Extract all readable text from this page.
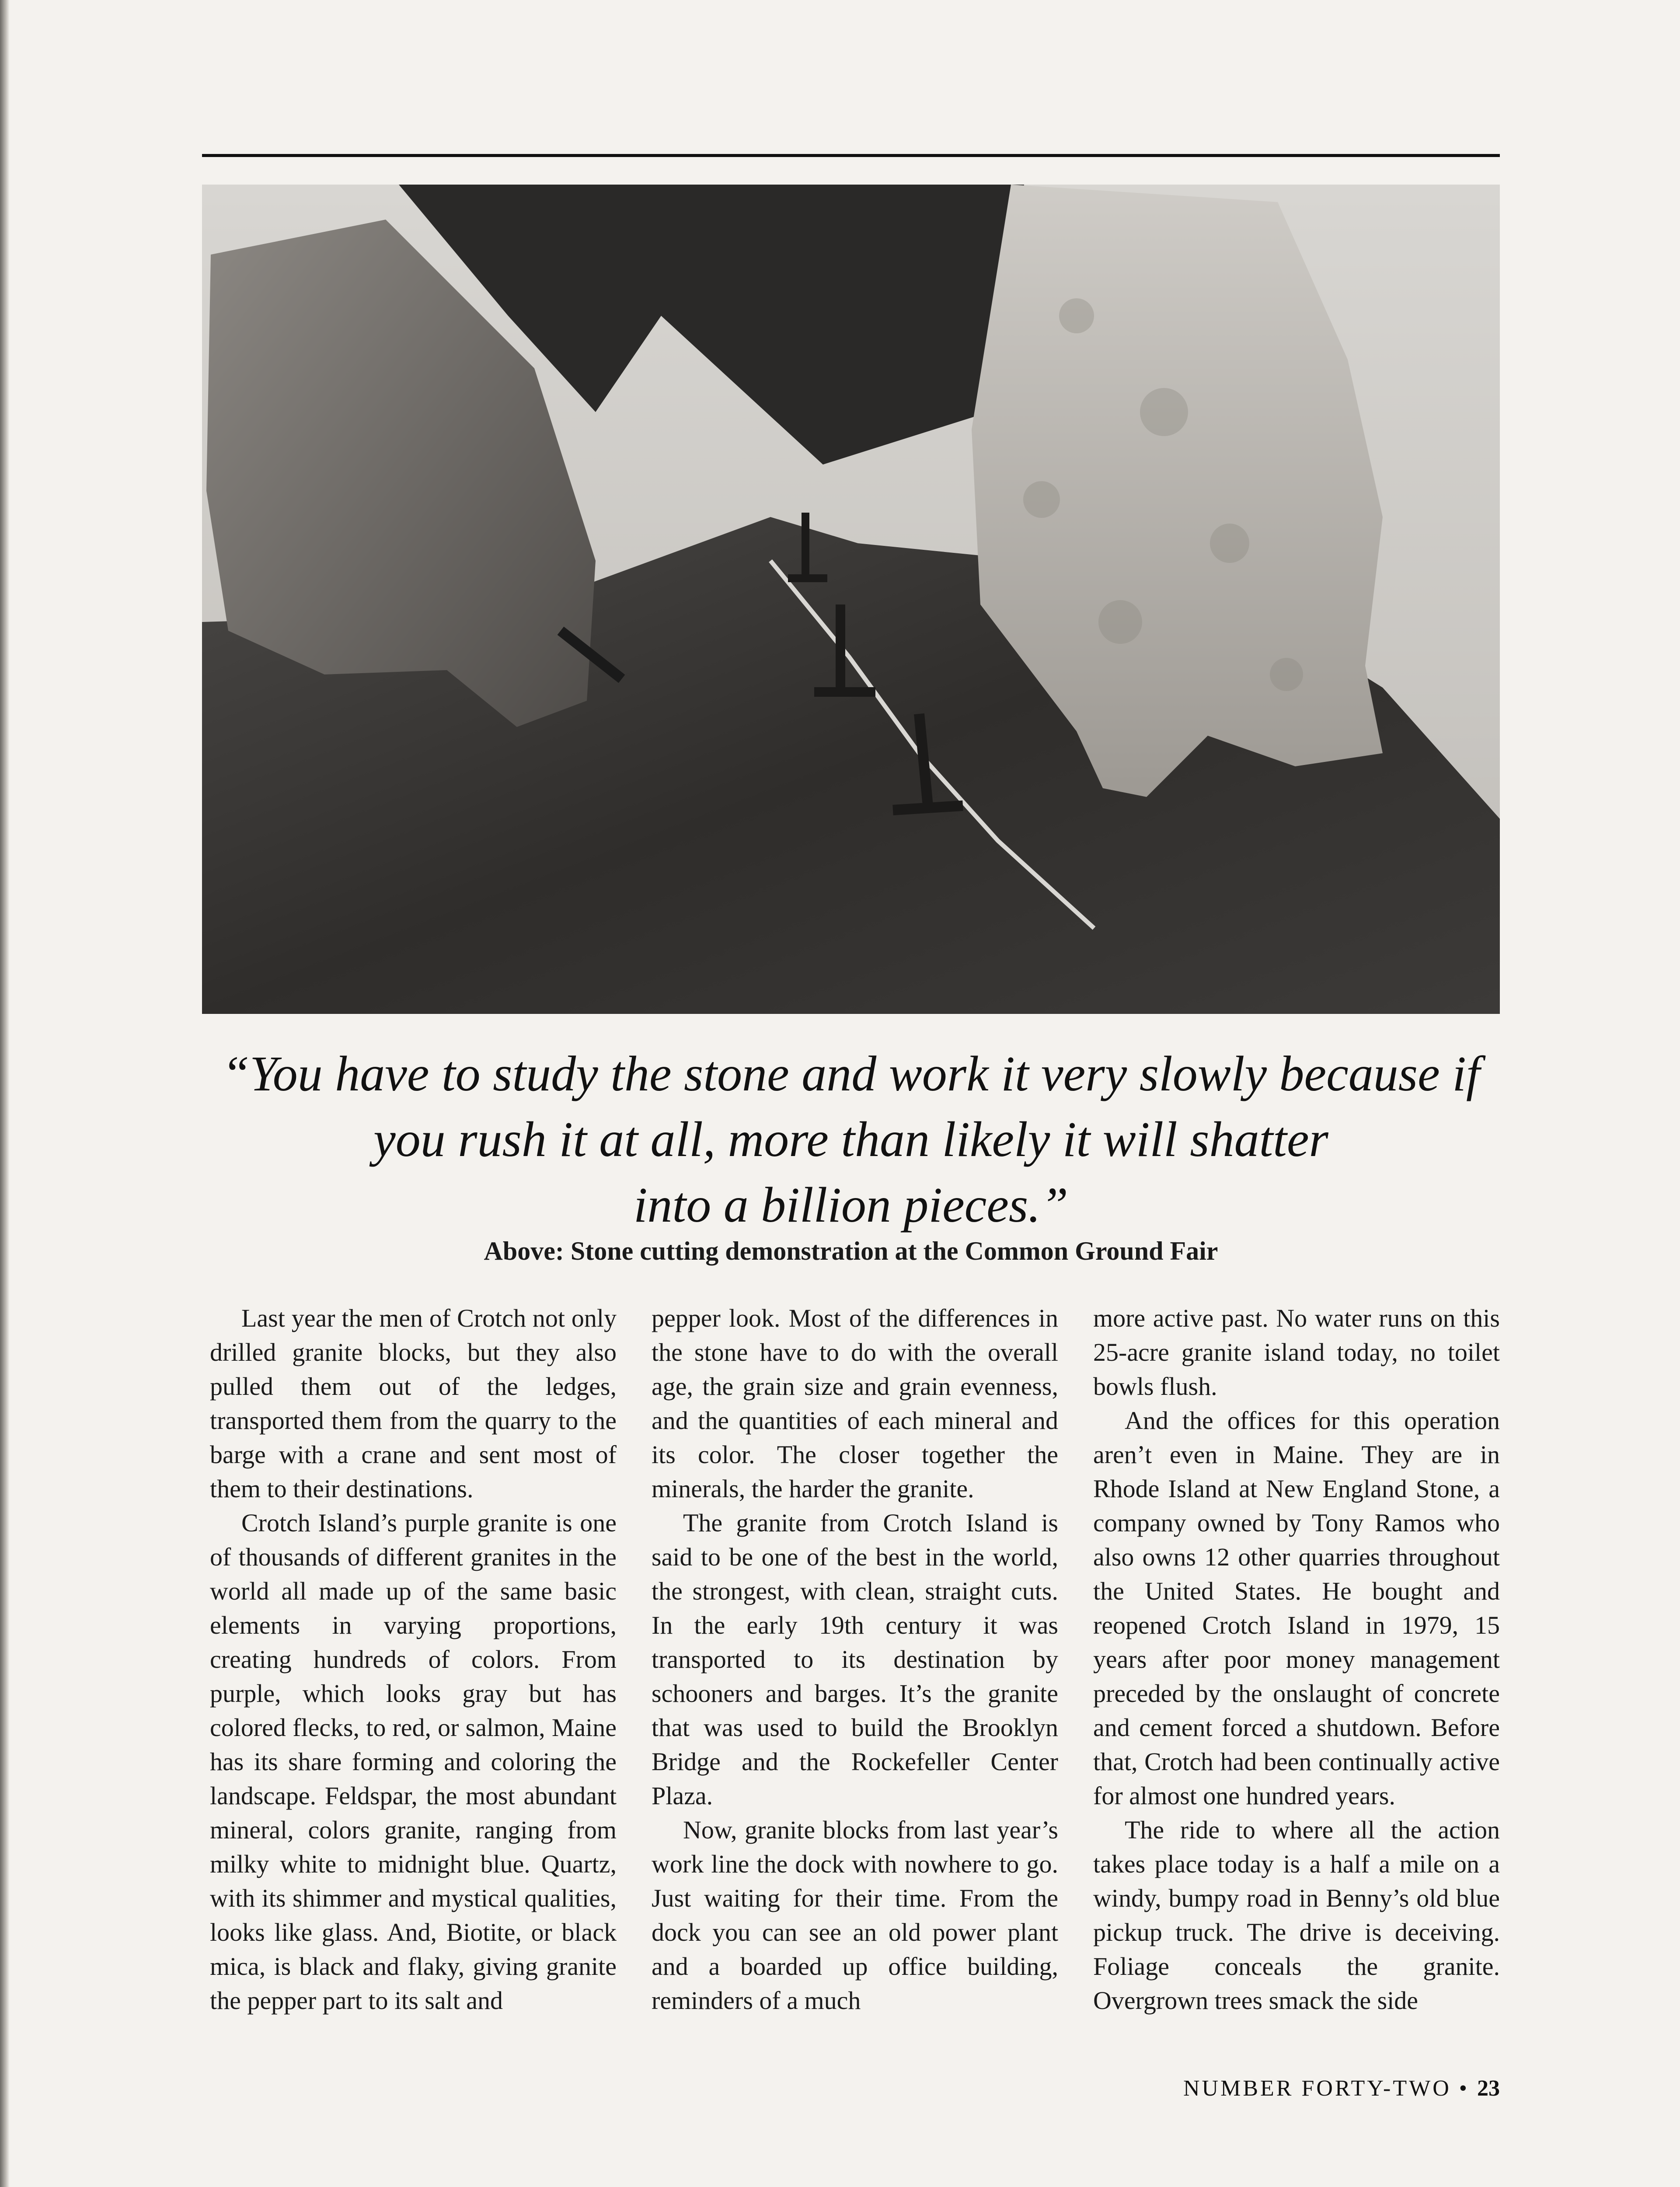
“You have to study the stone and work it very slowly because if
you rush it at all, more than likely it will shatter
into a billion pieces.”
Above: Stone cutting demonstration at the Common Ground Fair

Last year the men of Crotch not only drilled granite blocks, but they also pulled them out of the ledges, transported them from the quarry to the barge with a crane and sent most of them to their destinations.

Crotch Island’s purple granite is one of thousands of different granites in the world all made up of the same basic elements in varying proportions, creating hundreds of colors. From purple, which looks gray but has colored flecks, to red, or salmon, Maine has its share forming and coloring the landscape. Feldspar, the most abundant mineral, colors granite, ranging from milky white to midnight blue. Quartz, with its shimmer and mystical qualities, looks like glass. And, Biotite, or black mica, is black and flaky, giving granite the pepper part to its salt and

pepper look. Most of the differences in the stone have to do with the overall age, the grain size and grain evenness, and the quantities of each mineral and its color. The closer together the minerals, the harder the granite.

The granite from Crotch Island is said to be one of the best in the world, the strongest, with clean, straight cuts. In the early 19th century it was transported to its destination by schooners and barges. It’s the granite that was used to build the Brooklyn Bridge and the Rockefeller Center Plaza.

Now, granite blocks from last year’s work line the dock with nowhere to go. Just waiting for their time. From the dock you can see an old power plant and a boarded up office building, reminders of a much

more active past. No water runs on this 25-acre granite island today, no toilet bowls flush.

And the offices for this operation aren’t even in Maine. They are in Rhode Island at New England Stone, a company owned by Tony Ramos who also owns 12 other quarries throughout the United States. He bought and reopened Crotch Island in 1979, 15 years after poor money management preceded by the onslaught of concrete and cement forced a shutdown. Before that, Crotch had been continually active for almost one hundred years.

The ride to where all the action takes place today is a half a mile on a windy, bumpy road in Benny’s old blue pickup truck. The drive is deceiving. Foliage conceals the granite. Overgrown trees smack the side

NUMBER FORTY-TWO • 23
